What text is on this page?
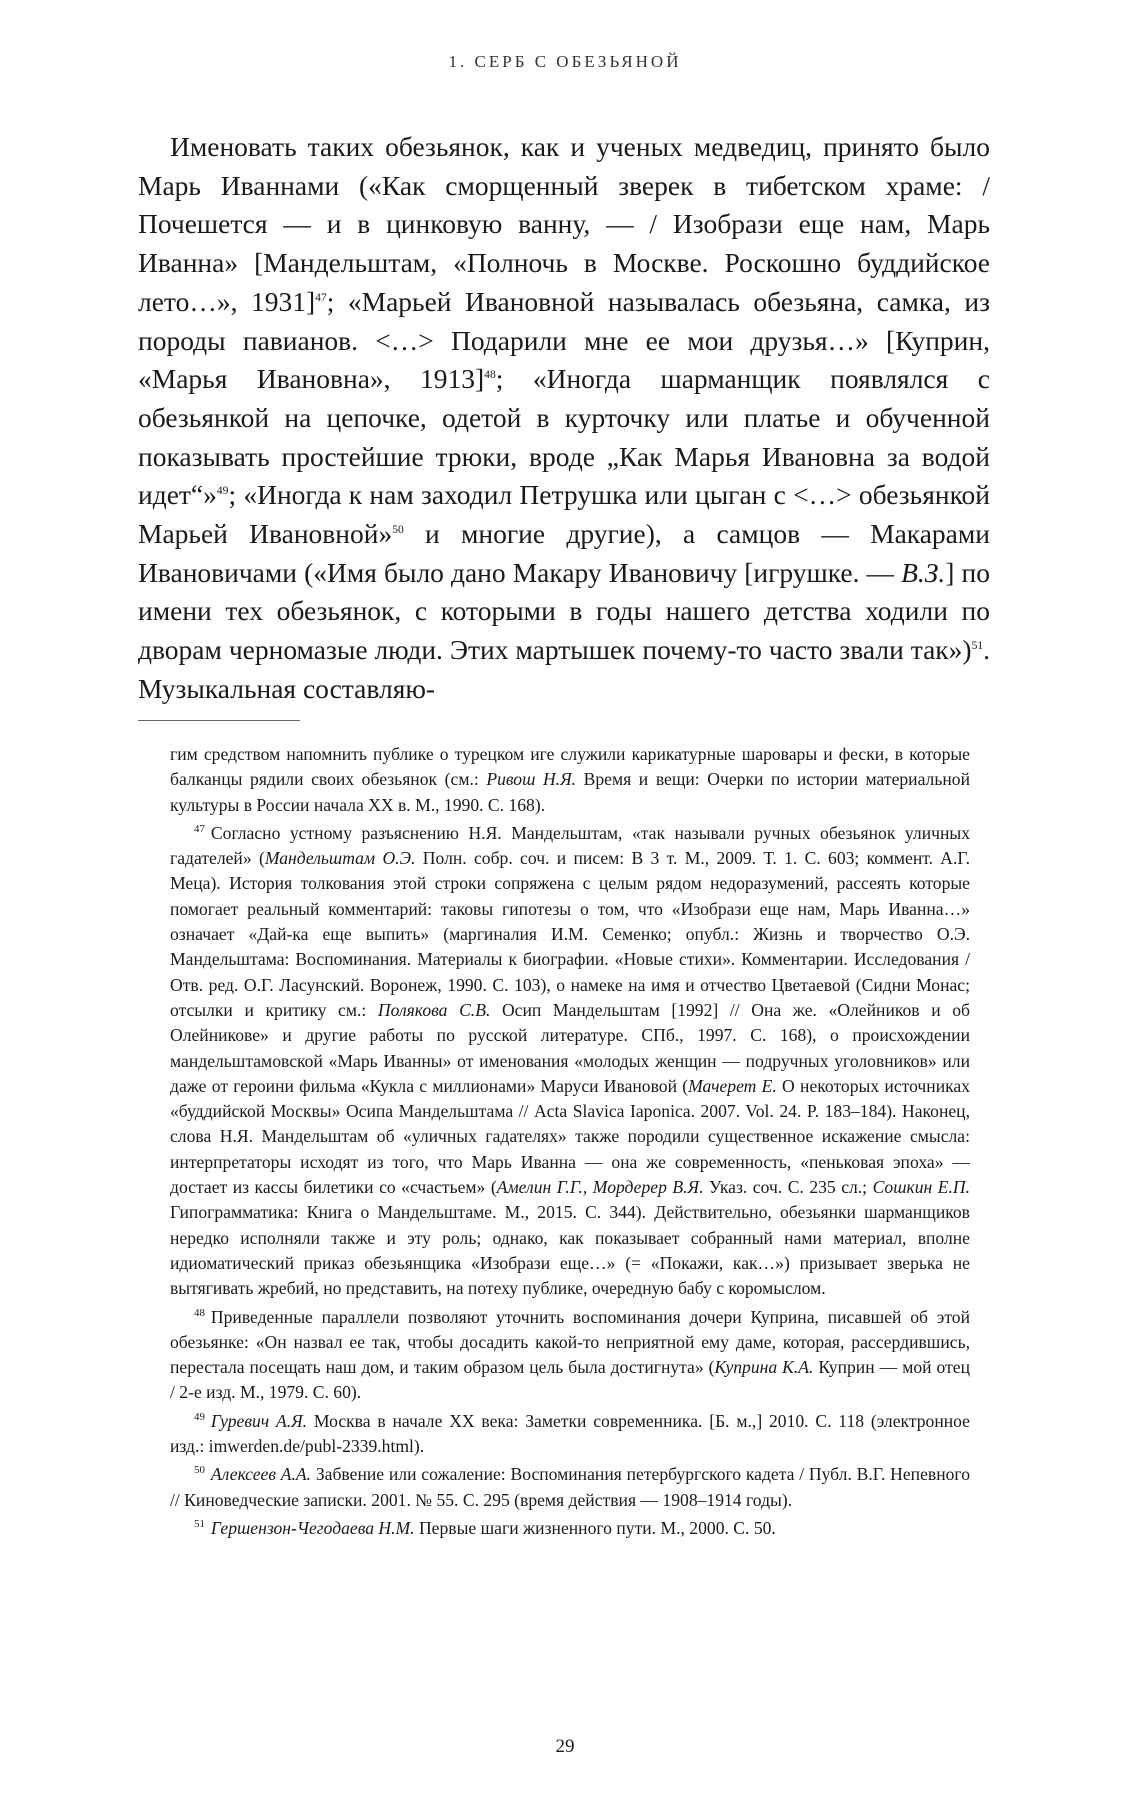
1. СЕРБ С ОБЕЗЬЯНОЙ

Именовать таких обезьянок, как и ученых медведиц, принято было Марь Иваннами («Как сморщенный зверек в тибетском храме: / Почешется — и в цинковую ванну, — / Изобрази еще нам, Марь Иванна» [Мандельштам, «Полночь в Москве. Роскошно буддийское лето…», 1931]$^{47}$; «Марьей Ивановной называлась обезьяна, самка, из породы павианов. <…> Подарили мне ее мои друзья…» [Куприн, «Марья Ивановна», 1913]$^{48}$; «Иногда шарманщик появлялся с обезьянкой на цепочке, одетой в курточку или платье и обученной показывать простейшие трюки, вроде „Как Марья Ивановна за водой идет“»$^{49}$; «Иногда к нам заходил Петрушка или цыган с <…> обезьянкой Марьей Ивановной»$^{50}$ и многие другие), а самцов — Макарами Ивановичами («Имя было дано Макару Ивановичу [игрушке. — В.З.] по имени тех обезьянок, с которыми в годы нашего детства ходили по дворам черномазые люди. Этих мартышек почему-то часто звали так»)$^{51}$. Музыкальная составляю-

гим средством напомнить публике о турецком иге служили карикатурные шаровары и фески, в которые балканцы рядили своих обезьянок (см.: Ривош Н.Я. Время и вещи: Очерки по истории материальной культуры в России начала XX в. М., 1990. С. 168).

$^{47}$ Согласно устному разъяснению Н.Я. Мандельштам, «так называли ручных обезьянок уличных гадателей» (Мандельштам О.Э. Полн. собр. соч. и писем: В 3 т. М., 2009. Т. 1. С. 603; коммент. А.Г. Меца). История толкования этой строки сопряжена с целым рядом недоразумений, рассеять которые помогает реальный комментарий: таковы гипотезы о том, что «Изобрази еще нам, Марь Иванна…» означает «Дай-ка еще выпить» (маргиналия И.М. Семенко; опубл.: Жизнь и творчество О.Э. Мандельштама: Воспоминания. Материалы к биографии. «Новые стихи». Комментарии. Исследования / Отв. ред. О.Г. Ласунский. Воронеж, 1990. С. 103), о намеке на имя и отчество Цветаевой (Сидни Монас; отсылки и критику см.: Полякова С.В. Осип Мандельштам [1992] // Она же. «Олейников и об Олейникове» и другие работы по русской литературе. СПб., 1997. С. 168), о происхождении мандельштамовской «Марь Иванны» от именования «молодых женщин — подручных уголовников» или даже от героини фильма «Кукла с миллионами» Маруси Ивановой (Мачерет Е. О некоторых источниках «буддийской Москвы» Осипа Мандельштама // Acta Slavica Iaponica. 2007. Vol. 24. P. 183–184). Наконец, слова Н.Я. Мандельштам об «уличных гадателях» также породили существенное искажение смысла: интерпретаторы исходят из того, что Марь Иванна — она же современность, «пеньковая эпоха» — достает из кассы билетики со «счастьем» (Амелин Г.Г., Мордерер В.Я. Указ. соч. С. 235 сл.; Сошкин Е.П. Гипограмматика: Книга о Мандельштаме. М., 2015. С. 344). Действительно, обезьянки шарманщиков нередко исполняли также и эту роль; однако, как показывает собранный нами материал, вполне идиоматический приказ обезьянщика «Изобрази еще…» (= «Покажи, как…») призывает зверька не вытягивать жребий, но представить, на потеху публике, очередную бабу с коромыслом.

$^{48}$ Приведенные параллели позволяют уточнить воспоминания дочери Куприна, писавшей об этой обезьянке: «Он назвал ее так, чтобы досадить какой-то неприятной ему даме, которая, рассердившись, перестала посещать наш дом, и таким образом цель была достигнута» (Куприна К.А. Куприн — мой отец / 2-е изд. М., 1979. С. 60).

$^{49}$ Гуревич А.Я. Москва в начале XX века: Заметки современника. [Б. м.,] 2010. С. 118 (электронное изд.: imwerden.de/publ-2339.html).

$^{50}$ Алексеев А.А. Забвение или сожаление: Воспоминания петербургского кадета / Публ. В.Г. Непевного // Киноведческие записки. 2001. № 55. С. 295 (время действия — 1908–1914 годы).

$^{51}$ Гершензон-Чегодаева Н.М. Первые шаги жизненного пути. М., 2000. С. 50.

29
